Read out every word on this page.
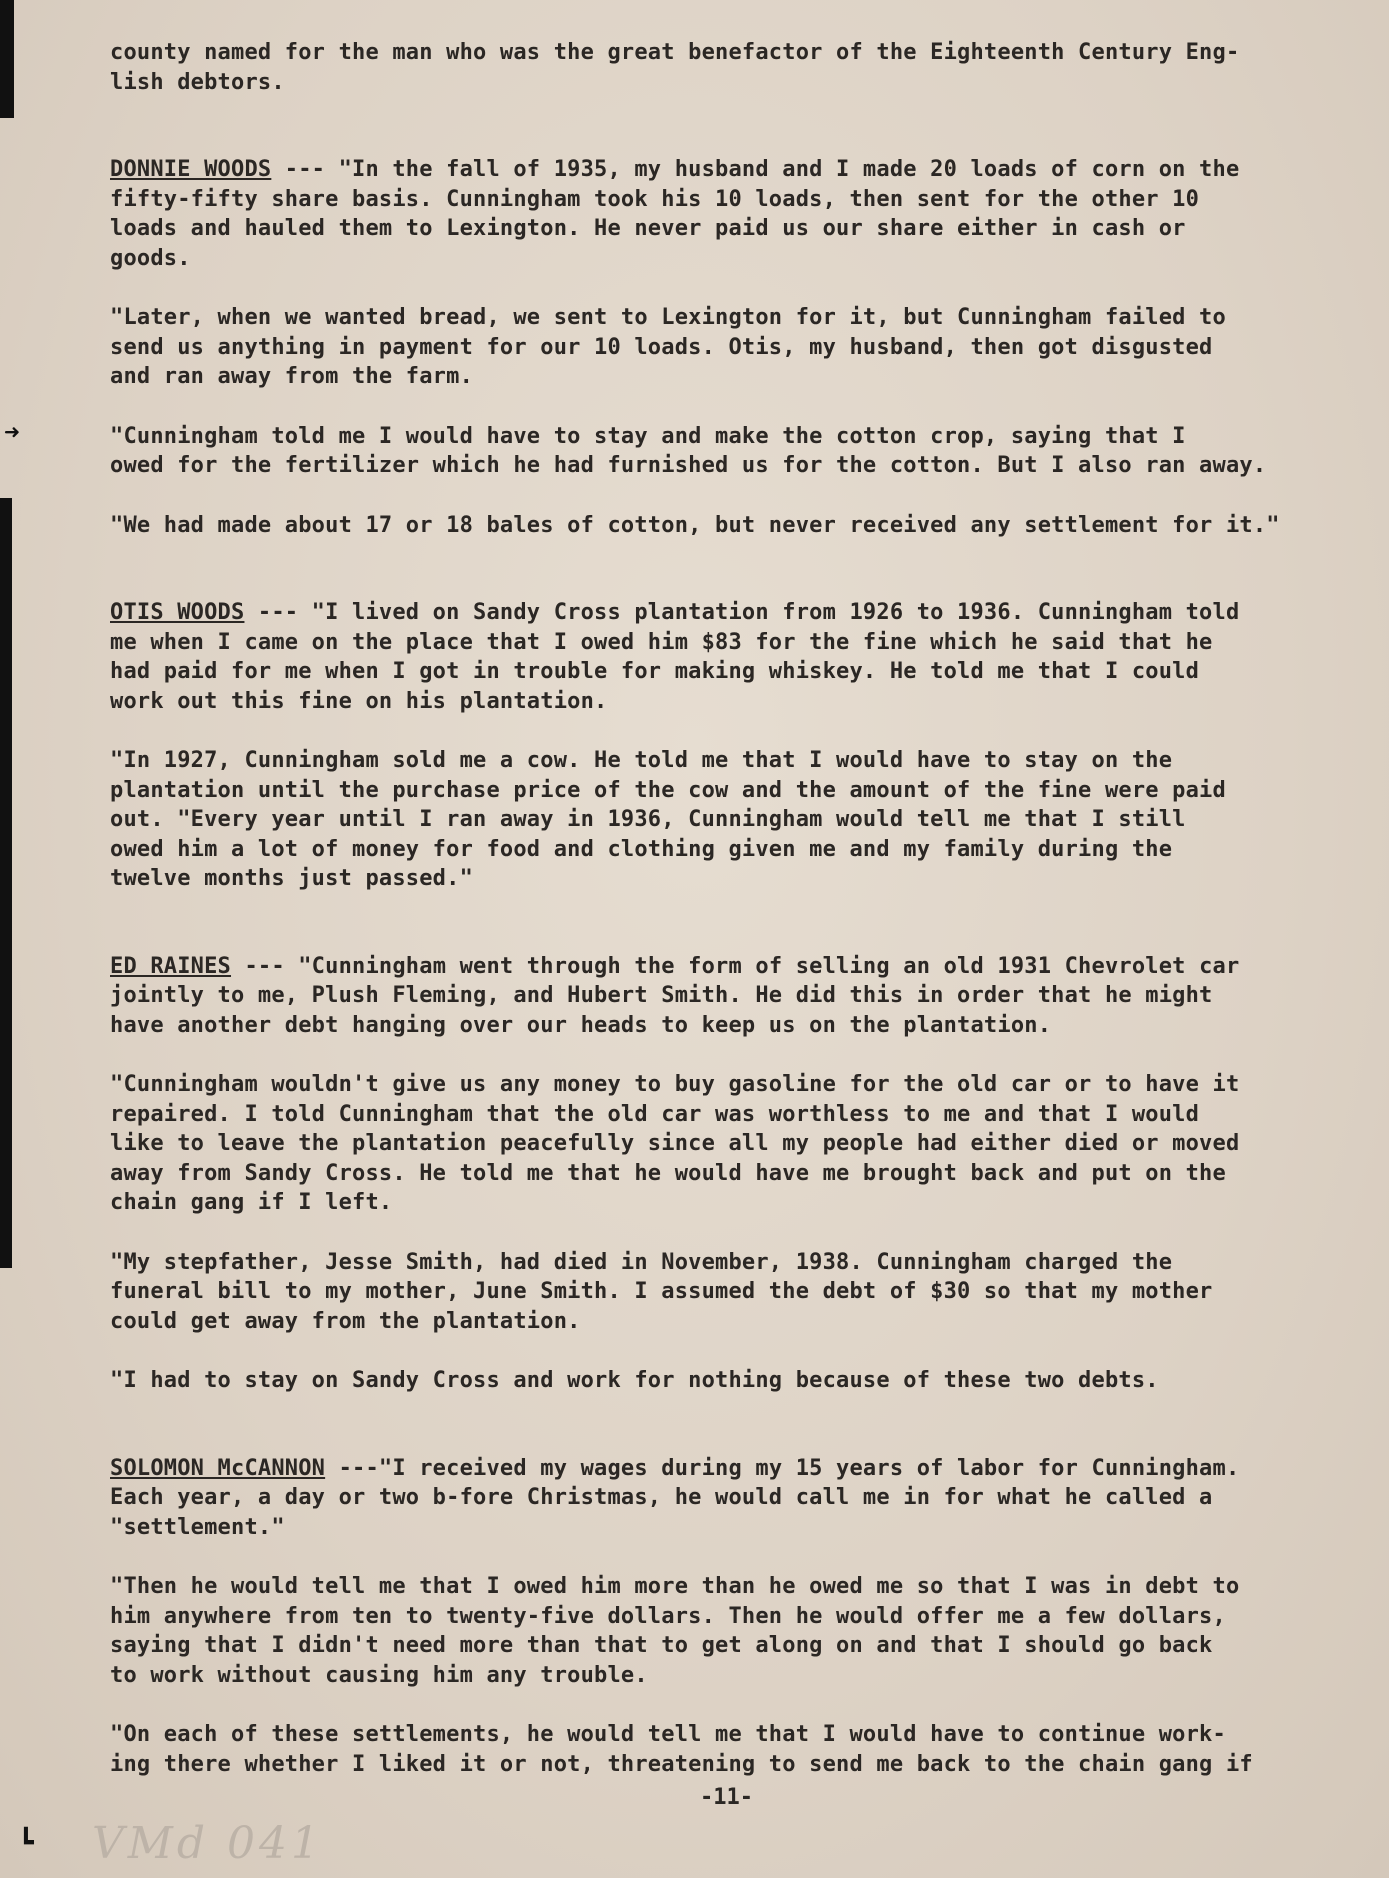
➜
┗

county named for the man who was the great benefactor of the Eighteenth Century Eng-
lish debtors.

DONNIE WOODS --- "In the fall of 1935, my husband and I made 20 loads of corn on the
fifty-fifty share basis. Cunningham took his 10 loads, then sent for the other 10
loads and hauled them to Lexington. He never paid us our share either in cash or
goods.

"Later, when we wanted bread, we sent to Lexington for it, but Cunningham failed to
send us anything in payment for our 10 loads. Otis, my husband, then got disgusted
and ran away from the farm.

"Cunningham told me I would have to stay and make the cotton crop, saying that I
owed for the fertilizer which he had furnished us for the cotton. But I also ran away.

"We had made about 17 or 18 bales of cotton, but never received any settlement for it."

OTIS WOODS --- "I lived on Sandy Cross plantation from 1926 to 1936. Cunningham told
me when I came on the place that I owed him $83 for the fine which he said that he
had paid for me when I got in trouble for making whiskey. He told me that I could
work out this fine on his plantation.

"In 1927, Cunningham sold me a cow. He told me that I would have to stay on the
plantation until the purchase price of the cow and the amount of the fine were paid
out. "Every year until I ran away in 1936, Cunningham would tell me that I still
owed him a lot of money for food and clothing given me and my family during the
twelve months just passed."

ED RAINES --- "Cunningham went through the form of selling an old 1931 Chevrolet car
jointly to me, Plush Fleming, and Hubert Smith. He did this in order that he might
have another debt hanging over our heads to keep us on the plantation.

"Cunningham wouldn't give us any money to buy gasoline for the old car or to have it
repaired. I told Cunningham that the old car was worthless to me and that I would
like to leave the plantation peacefully since all my people had either died or moved
away from Sandy Cross. He told me that he would have me brought back and put on the
chain gang if I left.

"My stepfather, Jesse Smith, had died in November, 1938. Cunningham charged the
funeral bill to my mother, June Smith. I assumed the debt of $30 so that my mother
could get away from the plantation.

"I had to stay on Sandy Cross and work for nothing because of these two debts.

SOLOMON McCANNON ---"I received my wages during my 15 years of labor for Cunningham.
Each year, a day or two b-fore Christmas, he would call me in for what he called a
"settlement."

"Then he would tell me that I owed him more than he owed me so that I was in debt to
him anywhere from ten to twenty-five dollars. Then he would offer me a few dollars,
saying that I didn't need more than that to get along on and that I should go back
to work without causing him any trouble.

"On each of these settlements, he would tell me that I would have to continue work-
ing there whether I liked it or not, threatening to send me back to the chain gang if

-11-
VMd 041
